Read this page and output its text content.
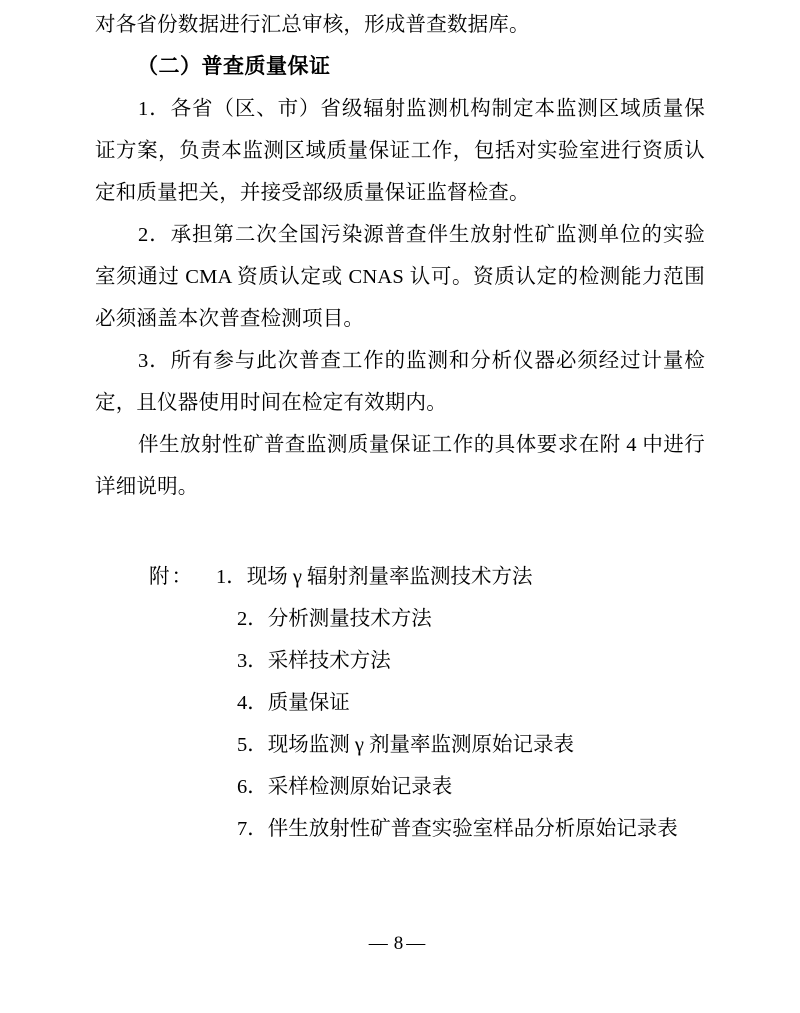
对各省份数据进行汇总审核，形成普查数据库。

（二）普查质量保证

1．各省（区、市）省级辐射监测机构制定本监测区域质量保证方案，负责本监测区域质量保证工作，包括对实验室进行资质认定和质量把关，并接受部级质量保证监督检查。

2．承担第二次全国污染源普查伴生放射性矿监测单位的实验室须通过 CMA 资质认定或 CNAS 认可。资质认定的检测能力范围必须涵盖本次普查检测项目。

3．所有参与此次普查工作的监测和分析仪器必须经过计量检定，且仪器使用时间在检定有效期内。

伴生放射性矿普查监测质量保证工作的具体要求在附 4 中进行详细说明。

附： 1．现场 γ 辐射剂量率监测技术方法
2．分析测量技术方法
3．采样技术方法
4．质量保证
5．现场监测 γ 剂量率监测原始记录表
6．采样检测原始记录表
7．伴生放射性矿普查实验室样品分析原始记录表
—8—
